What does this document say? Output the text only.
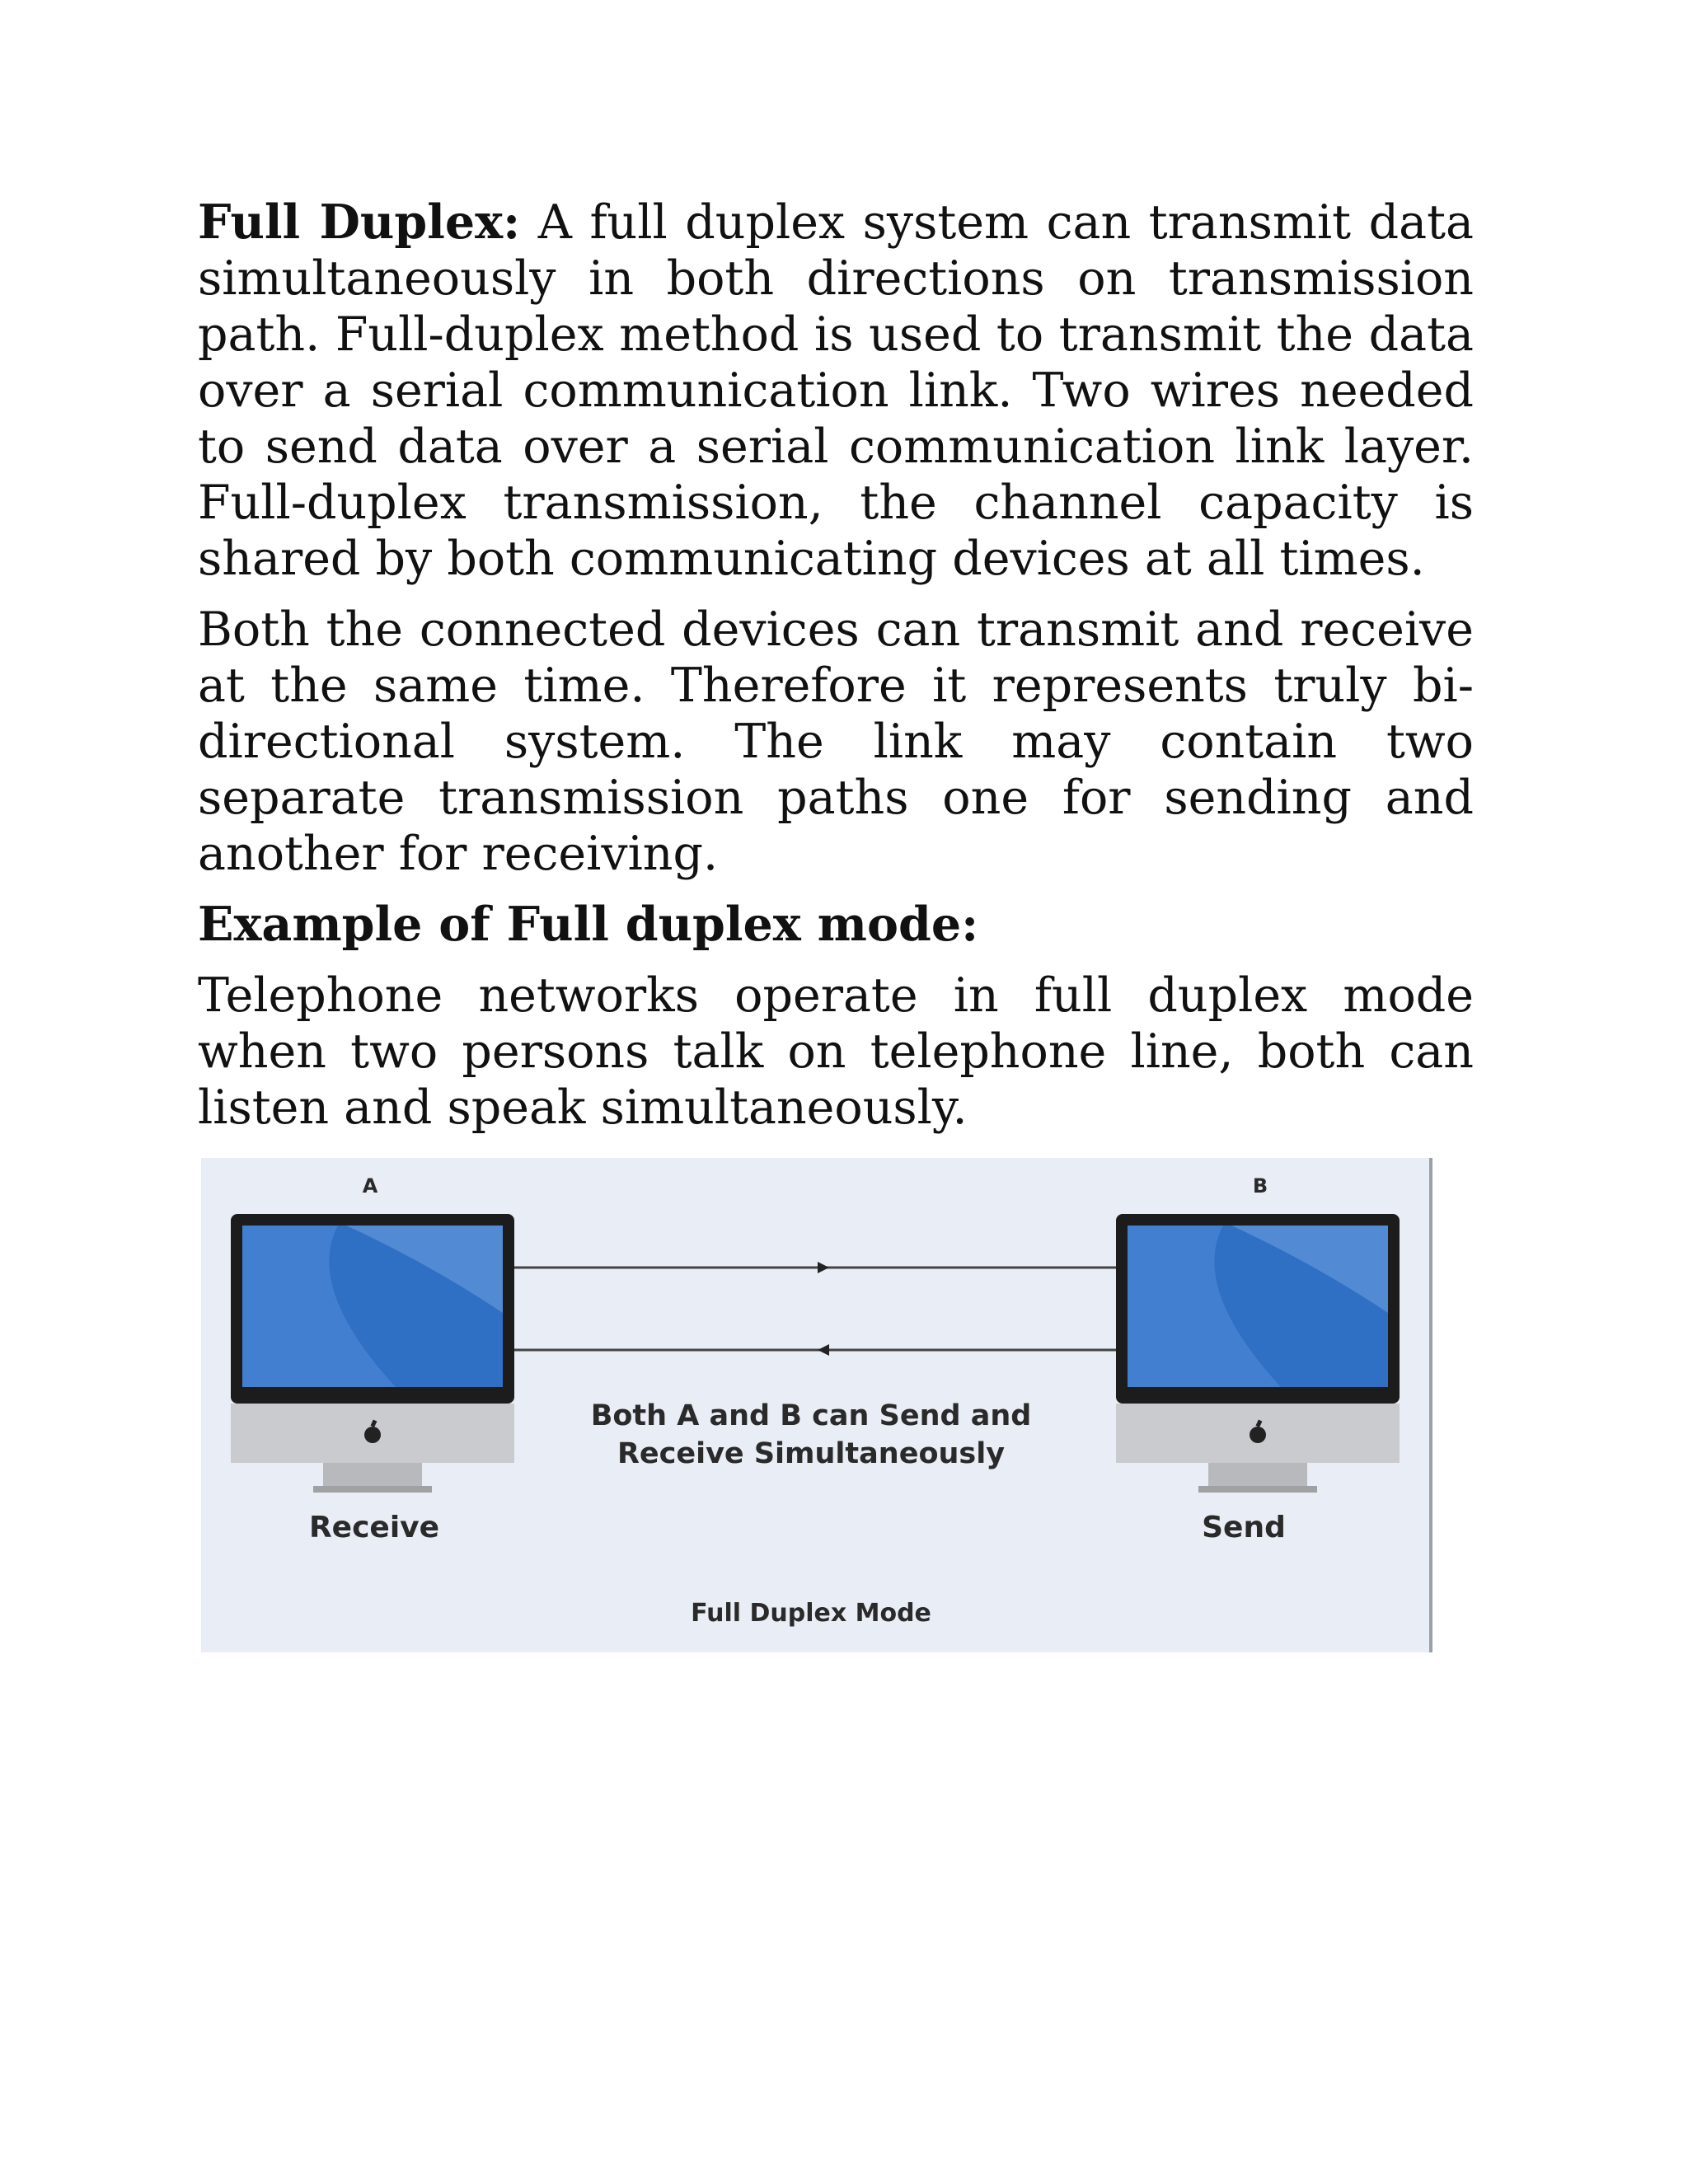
Full Duplex: A full duplex system can transmit data simultaneously in both directions on transmission path. Full-duplex method is used to transmit the data over a serial communication link. Two wires needed to send data over a serial communication link layer. Full-duplex transmission, the channel capacity is shared by both communicating devices at all times.

Both the connected devices can transmit and receive at the same time. Therefore it represents truly bi-directional system. The link may contain two separate transmission paths one for sending and another for receiving.

Example of Full duplex mode:

Telephone networks operate in full duplex mode when two persons talk on telephone line, both can listen and speak simultaneously.

A	B
Both A and B can Send and
Receive Simultaneously
Receive	Send
Full Duplex Mode
